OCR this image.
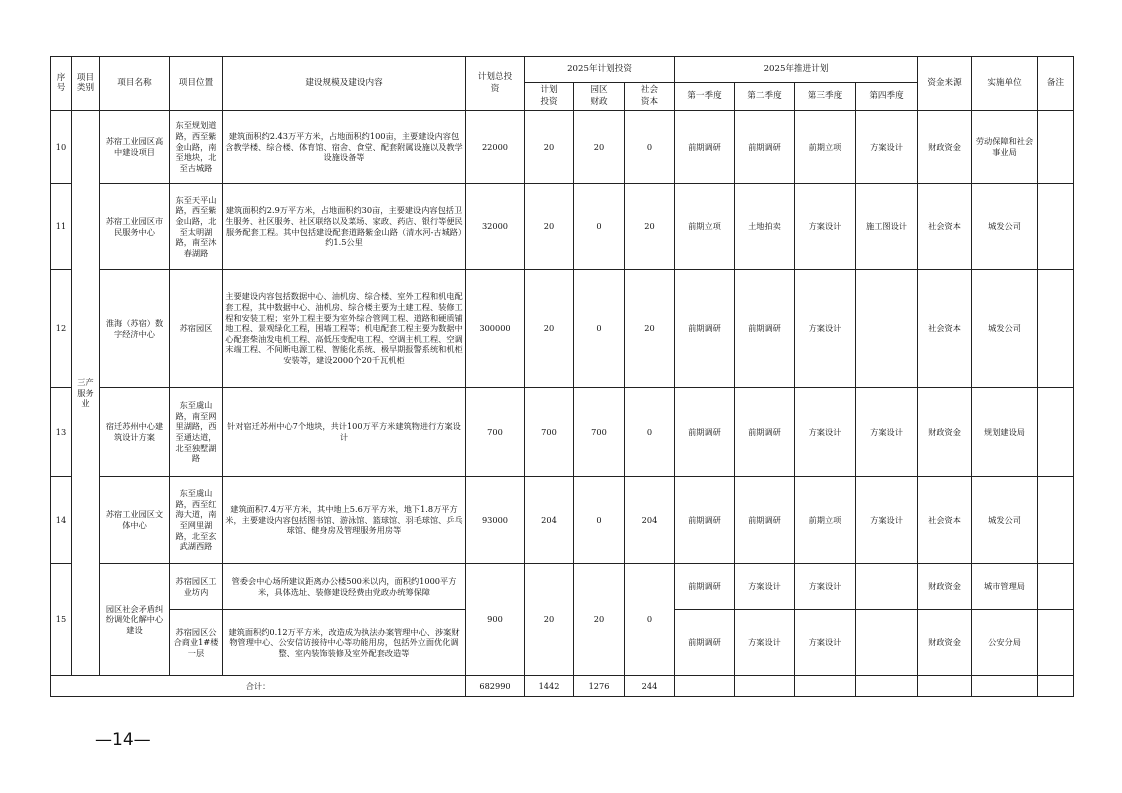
序号	项目类别	项目名称	项目位置	建设规模及建设内容	计划总投资	2025年计划投资			2025年推进计划				资金来源	实施单位	备注
						计划投资	园区财政	社会资本	第一季度	第二季度	第三季度	第四季度			
10	三产服务业	苏宿工业园区高中建设项目	东至规划道路，西至紫金山路，南至地块，北至古城路	建筑面积约2.43万平方米，占地面积约100亩，主要建设内容包含教学楼、综合楼、体育馆、宿舍、食堂、配套附属设施以及教学设施设备等	22000	20	20	0	前期调研	前期调研	前期立项	方案设计	财政资金	劳动保障和社会事业局	
11		苏宿工业园区市民服务中心	东至天平山路，西至紫金山路，北至太明湖路，南至沐春湖路	建筑面积约2.9万平方米，占地面积约30亩，主要建设内容包括卫生服务、社区服务、社区联络以及菜场、家政、药店、银行等便民服务配套工程。其中包括建设配套道路紫金山路（清水河-古城路）约1.5公里	32000	20	0	20	前期立项	土地拍卖	方案设计	施工图设计	社会资本	城发公司	
12		淮海（苏宿）数字经济中心	苏宿园区	主要建设内容包括数据中心、油机房、综合楼、室外工程和机电配套工程，其中数据中心、油机房、综合楼主要为土建工程、装修工程和安装工程；室外工程主要为室外综合管网工程、道路和硬质铺地工程、景观绿化工程，围墙工程等；机电配套工程主要为数据中心配套柴油发电机工程、高低压变配电工程、空调主机工程、空调末端工程、不间断电源工程、智能化系统、极早期报警系统和机柜安装等，建设2000个20千瓦机柜	300000	20	0	20	前期调研	前期调研	方案设计		社会资本	城发公司	
13		宿迁苏州中心建筑设计方案	东至虞山路，南至网里湖路，西至通达道，北至独墅湖路	针对宿迁苏州中心7个地块，共计100万平方米建筑物进行方案设计	700	700	700	0	前期调研	前期调研	方案设计	方案设计	财政资金	规划建设局	
14		苏宿工业园区文体中心	东至虞山路，西至红海大道，南至网里湖路，北至玄武湖西路	建筑面积7.4万平方米，其中地上5.6万平方米，地下1.8万平方米，主要建设内容包括图书馆、游泳馆、篮球馆、羽毛球馆、乒乓球馆、健身房及管理服务用房等	93000	204	0	204	前期调研	前期调研	前期立项	方案设计	社会资本	城发公司	
15		园区社会矛盾纠纷调处化解中心建设	苏宿园区工业坊内	管委会中心场所建议距离办公楼500米以内，面积约1000平方米，具体选址、装修建设经费由党政办统筹保障	900	20	20	0	前期调研	方案设计	方案设计		财政资金	城市管理局	
			苏宿园区公合商业1#楼一层	建筑面积约0.12万平方米，改造成为执法办案管理中心、涉案财物管理中心、公安信访接待中心等功能用房，包括外立面优化调整、室内装饰装修及室外配套改造等					前期调研	方案设计	方案设计		财政资金	公安分局	
合计：					682990	1442	1276	244							
—14—
